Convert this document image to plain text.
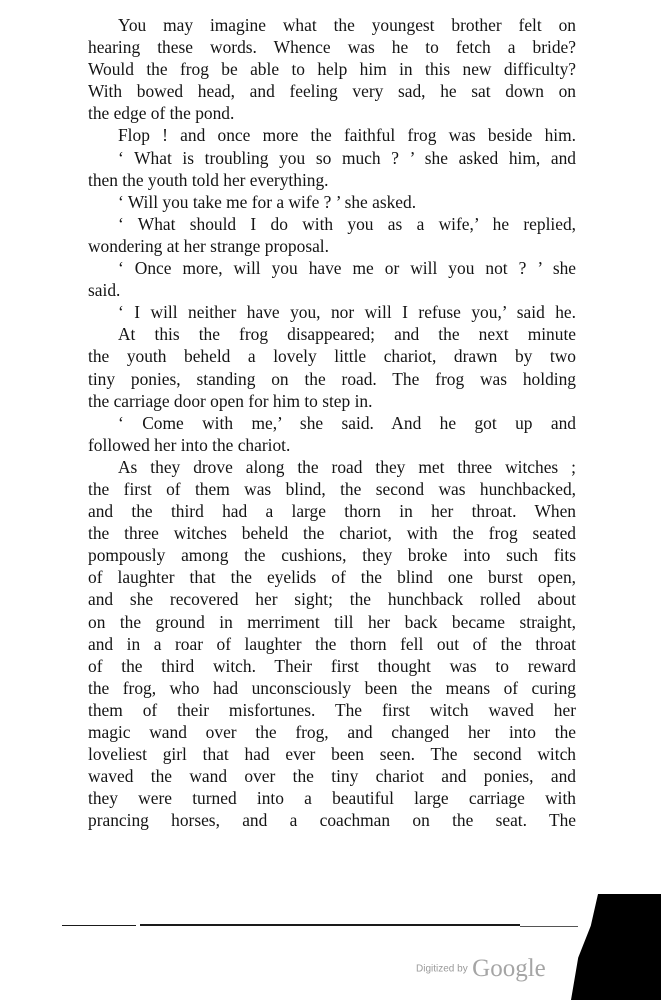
You may imagine what the youngest brother felt on
hearing these words. Whence was he to fetch a bride?
Would the frog be able to help him in this new difficulty?
With bowed head, and feeling very sad, he sat down on
the edge of the pond.
Flop ! and once more the faithful frog was beside him.
‘ What is troubling you so much ? ’ she asked him, and
then the youth told her everything.
‘ Will you take me for a wife ? ’ she asked.
‘ What should I do with you as a wife,’ he replied,
wondering at her strange proposal.
‘ Once more, will you have me or will you not ? ’ she
said.
‘ I will neither have you, nor will I refuse you,’ said he.
At this the frog disappeared; and the next minute
the youth beheld a lovely little chariot, drawn by two
tiny ponies, standing on the road. The frog was holding
the carriage door open for him to step in.
‘ Come with me,’ she said. And he got up and
followed her into the chariot.
As they drove along the road they met three witches ;
the first of them was blind, the second was hunchbacked,
and the third had a large thorn in her throat. When
the three witches beheld the chariot, with the frog seated
pompously among the cushions, they broke into such fits
of laughter that the eyelids of the blind one burst open,
and she recovered her sight; the hunchback rolled about
on the ground in merriment till her back became straight,
and in a roar of laughter the thorn fell out of the throat
of the third witch. Their first thought was to reward
the frog, who had unconsciously been the means of curing
them of their misfortunes. The first witch waved her
magic wand over the frog, and changed her into the
loveliest girl that had ever been seen. The second witch
waved the wand over the tiny chariot and ponies, and
they were turned into a beautiful large carriage with
prancing horses, and a coachman on the seat. The
Digitized by Google
